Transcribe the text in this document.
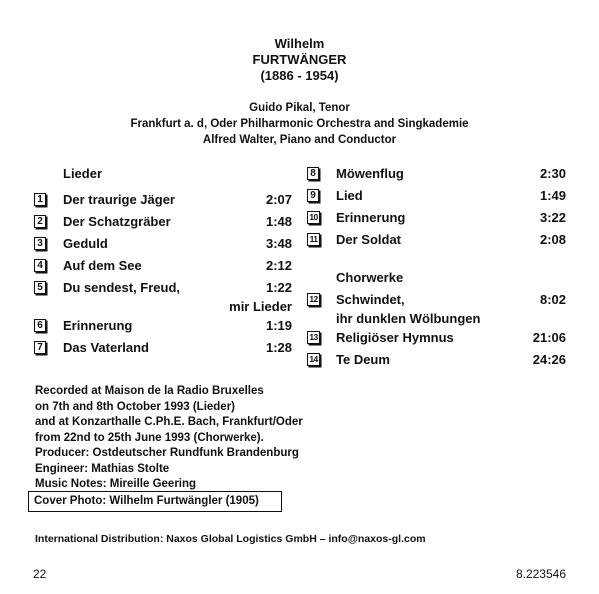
Wilhelm
FURTWÄNGER
(1886 - 1954)
Guido Pikal, Tenor
Frankfurt a. d, Oder Philharmonic Orchestra and Singkademie
Alfred Walter, Piano and Conductor
Lieder
1 Der traurige Jäger	2:07
2 Der Schatzgräber	1:48
3 Geduld	3:48
4 Auf dem See	2:12
5 Du sendest, Freud,	1:22
mir Lieder
6 Erinnerung	1:19
7 Das Vaterland	1:28
8 Möwenflug	2:30
9 Lied	1:49
10 Erinnerung	3:22
11 Der Soldat	2:08
Chorwerke
12 Schwindet,	8:02
ihr dunklen Wölbungen
13 Religiöser Hymnus	21:06
14 Te Deum	24:26
Recorded at Maison de la Radio Bruxelles
on 7th and 8th October 1993 (Lieder)
and at Konzarthalle C.Ph.E. Bach, Frankfurt/Oder
from 22nd to 25th June 1993 (Chorwerke).
Producer: Ostdeutscher Rundfunk Brandenburg
Engineer: Mathias Stolte
Music Notes: Mireille Geering
Cover Photo: Wilhelm Furtwängler (1905)
International Distribution: Naxos Global Logistics GmbH – info@naxos-gl.com
22	8.223546
